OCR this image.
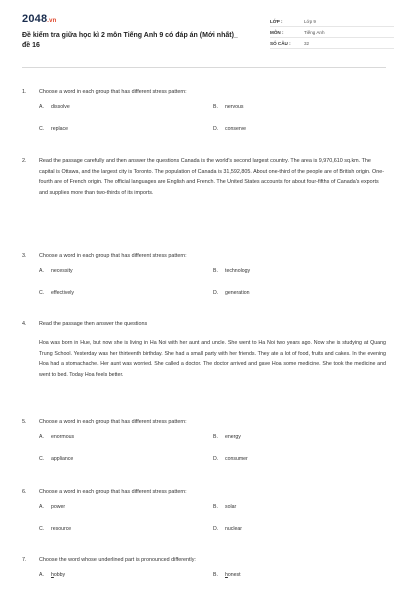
2048.vn
Đề kiểm tra giữa học kì 2 môn Tiếng Anh 9 có đáp án (Mới nhất)_ đề 16
LỚP :	Lớp 9
MÔN :	Tiếng Anh
SỐ CÂU :	32
1.	Choose a word in each group that has different stress pattern:
A. dissolve	B. nervous
C. replace	D. conserve
2.	Read the passage carefully and then answer the questions Canada is the world's second largest country. The area is 9,970,610 sq.km. The capital is Ottawa, and the largest city is Toronto. The population of Canada is 31,592,805. About one-third of the people are of British origin. One-fourth are of French origin. The official languages are English and French. The United States accounts for about four-fifths of Canada's exports and supplies more than two-thirds of its imports.
3.	Choose a word in each group that has different stress pattern:
A. necessity	B. technology
C. effectively	D. generation
4.	Read the passage then answer the questions
Hoa was born in Hue, but now she is living in Ha Noi with her aunt and uncle. She went to Ha Noi two years ago. Now she is studying at Quang Trung School. Yesterday was her thirteenth birthday. She had a small party with her friends. They ate a lot of food, fruits and cakes. In the evening Hoa had a stomachache. Her aunt was worried. She called a doctor. The doctor arrived and gave Hoa some medicine. She took the medicine and went to bed. Today Hoa feels better.
5.	Choose a word in each group that has different stress pattern:
A. enormous	B. energy
C. appliance	D. consumer
6.	Choose a word in each group that has different stress pattern:
A. power	B. solar
C. resource	D. nuclear
7.	Choose the word whose underlined part is pronounced differently:
A. hobby	B. honest
